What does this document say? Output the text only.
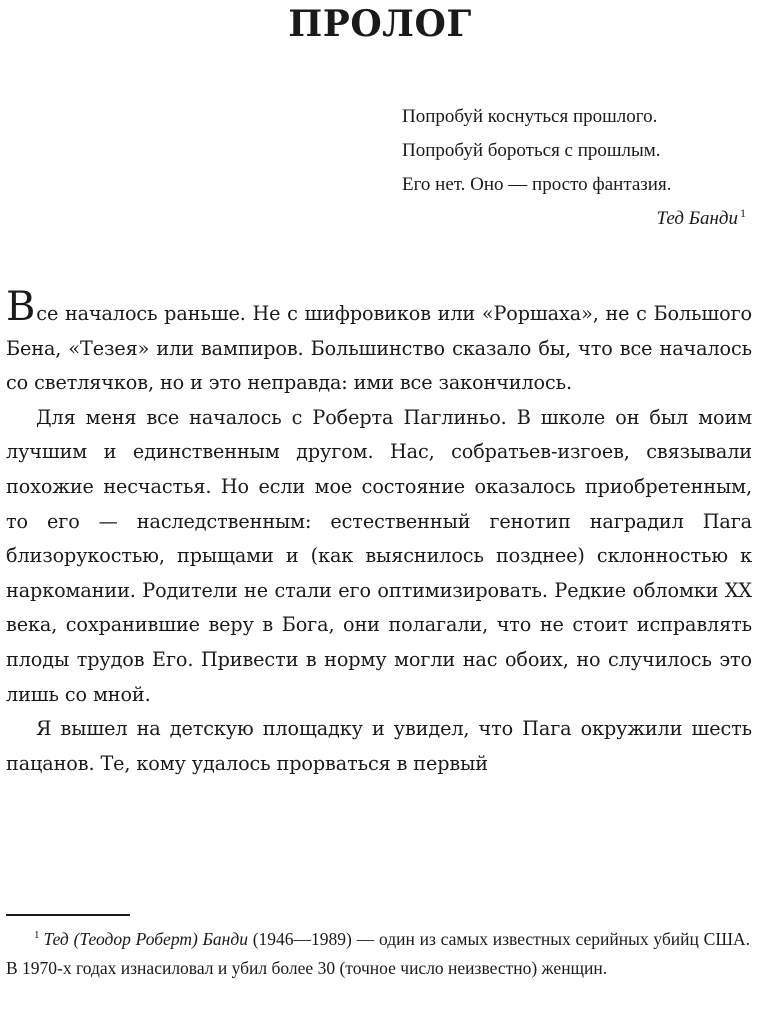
ПРОЛОГ
Попробуй коснуться прошлого.
Попробуй бороться с прошлым.
Его нет. Оно — просто фантазия.
Тед Банди $^1$

Все началось раньше. Не с шифровиков или «Роршаха», не с Большого Бена, «Тезея» или вампиров. Большинство сказало бы, что все началось со светлячков, но и это неправда: ими все закончилось.

Для меня все началось с Роберта Паглиньо. В школе он был моим лучшим и единственным другом. Нас, собратьев-изгоев, связывали похожие несчастья. Но если мое состояние оказалось приобретенным, то его — наследственным: естественный генотип наградил Пага близорукостью, прыщами и (как выяснилось позднее) склонностью к наркомании. Родители не стали его оптимизировать. Редкие обломки XX века, сохранившие веру в Бога, они полагали, что не стоит исправлять плоды трудов Его. Привести в норму могли нас обоих, но случилось это лишь со мной.

Я вышел на детскую площадку и увидел, что Пага окружили шесть пацанов. Те, кому удалось прорваться в первый

$^1$ Тед (Теодор Роберт) Банди (1946—1989) — один из самых известных серийных убийц США. В 1970-х годах изнасиловал и убил более 30 (точное число неизвестно) женщин.
